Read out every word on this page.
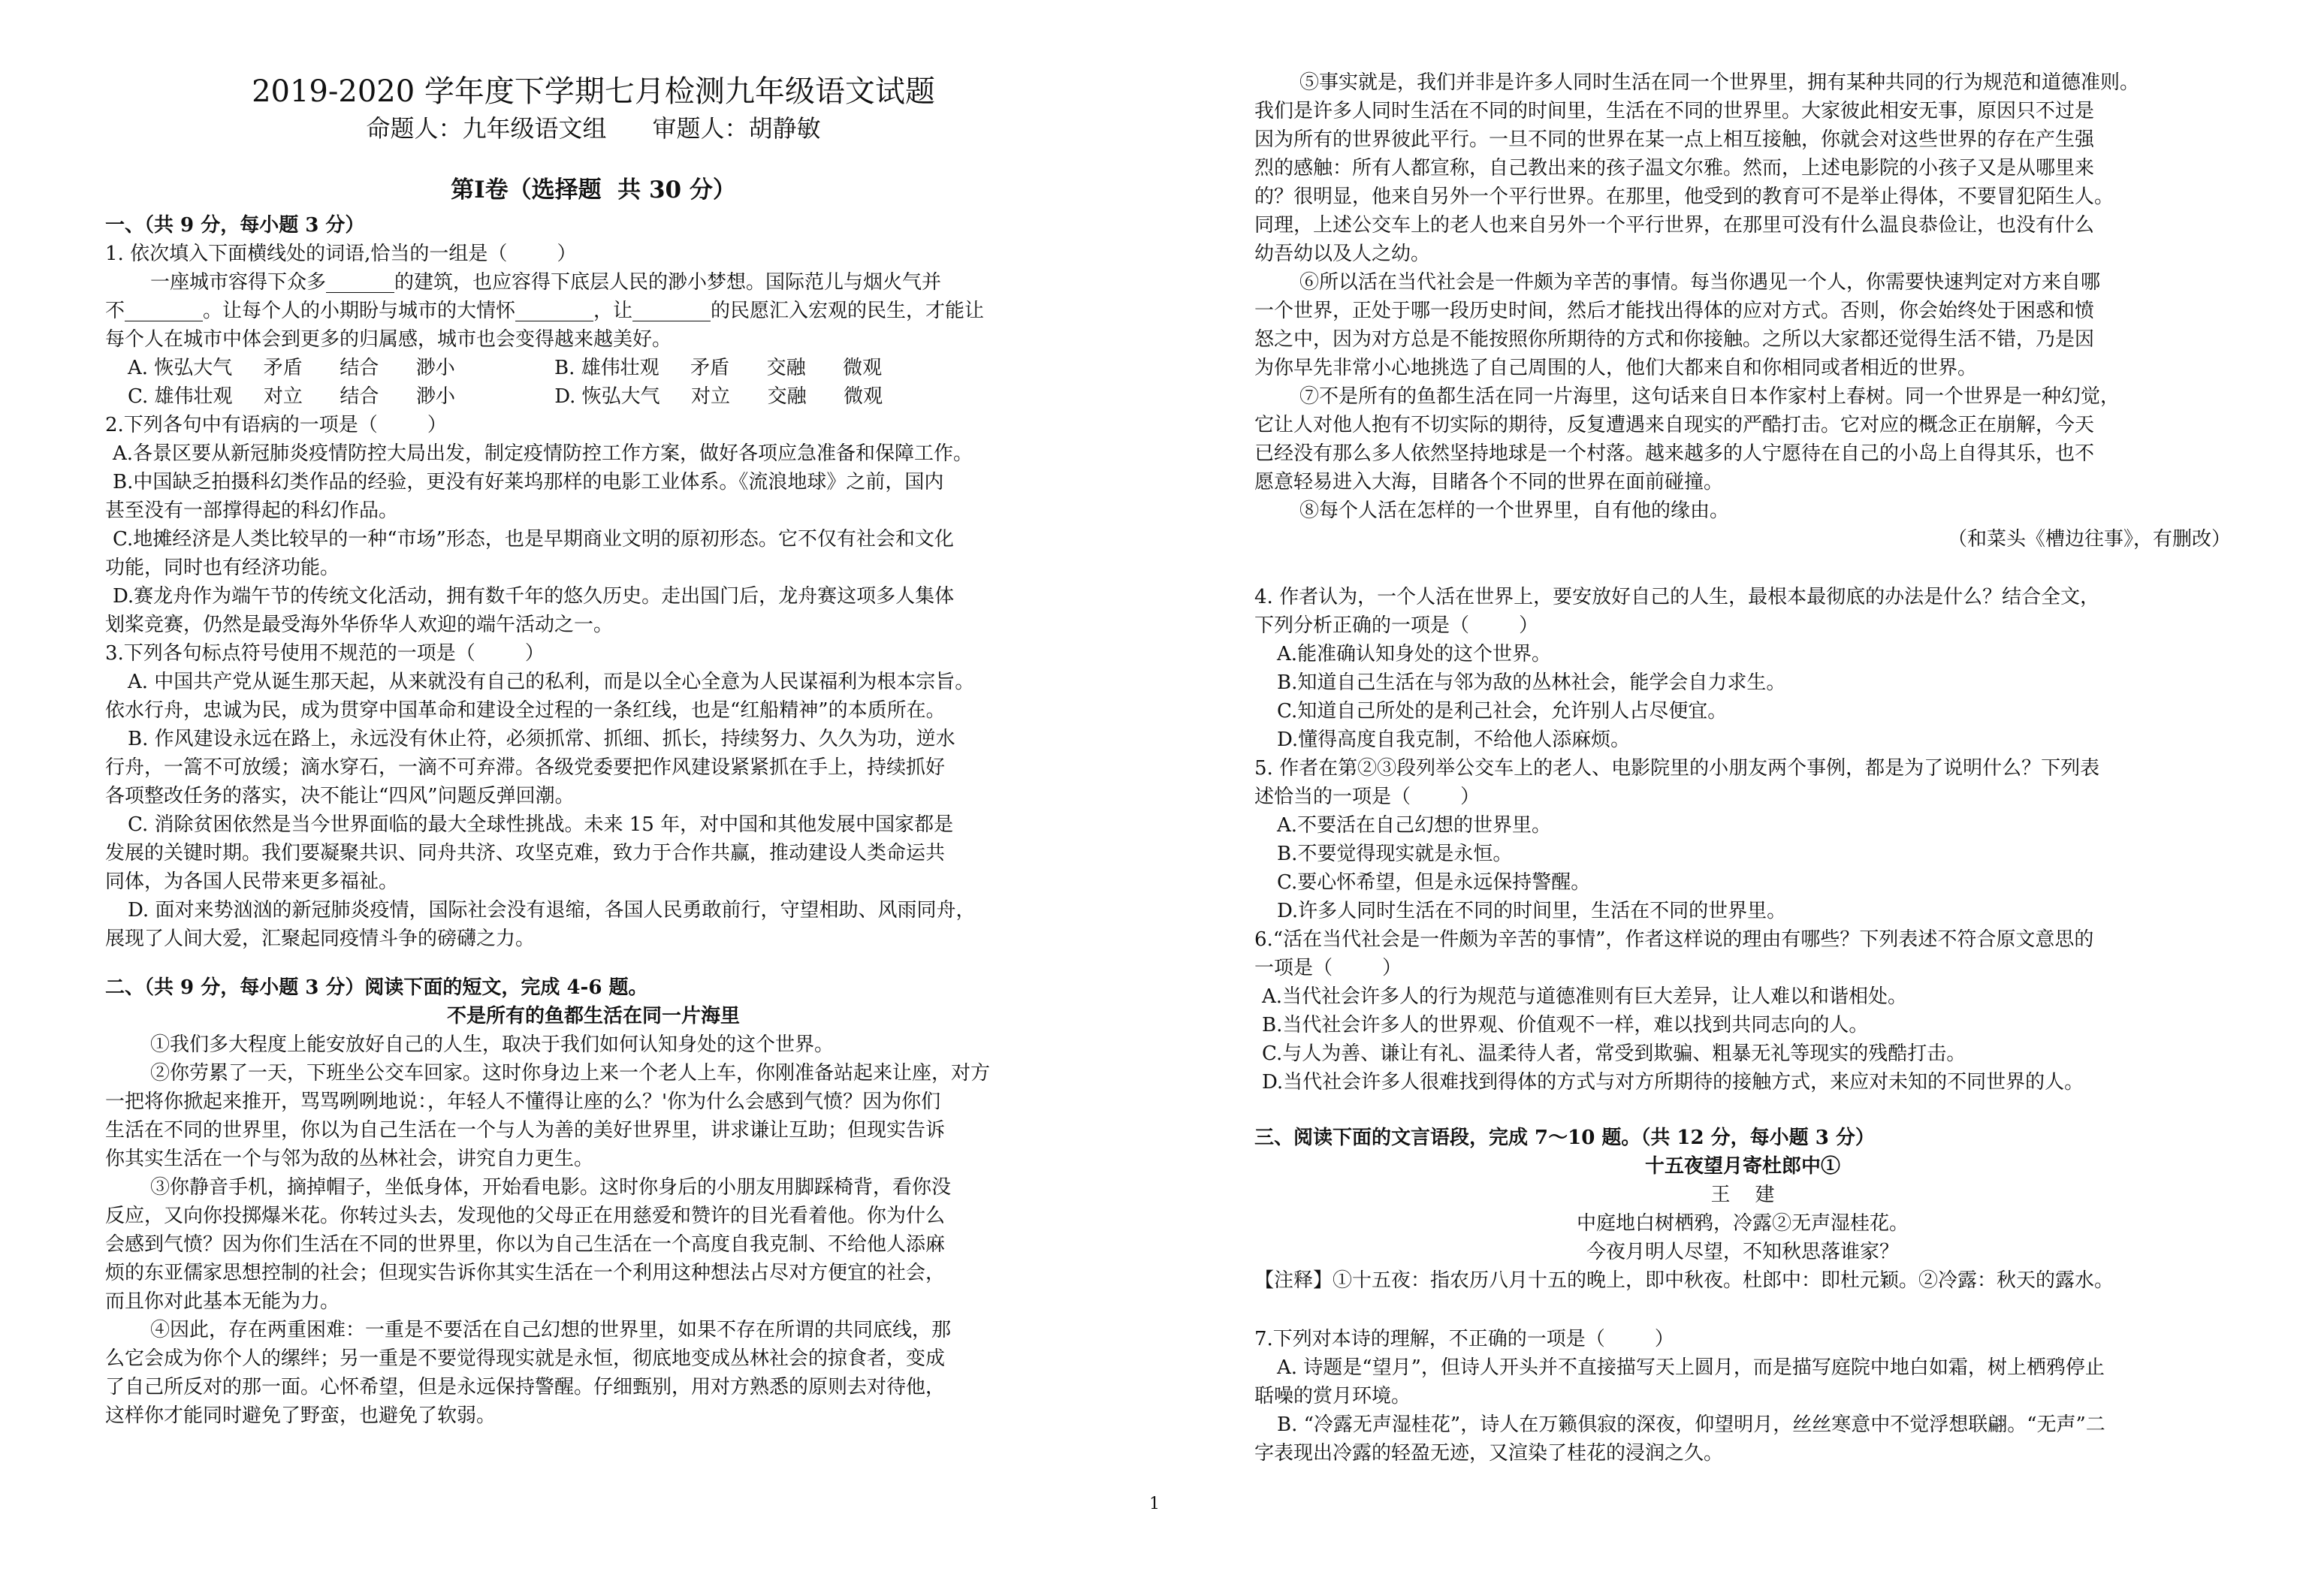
2019-2020 学年度下学期七月检测九年级语文试题
命题人：九年级语文组      审题人：胡静敏
第Ⅰ卷（选择题  共 30 分）
一、（共 9 分，每小题 3 分）
1. 依次填入下面横线处的词语,恰当的一组是（        ）
一座城市容得下众多_______的建筑，也应容得下底层人民的渺小梦想。国际范儿与烟火气并
不________。让每个人的小期盼与城市的大情怀________，让________的民愿汇入宏观的民生，才能让
每个人在城市中体会到更多的归属感，城市也会变得越来越美好。
A. 恢弘大气     矛盾      结合      渺小                B. 雄伟壮观     矛盾      交融      微观
C. 雄伟壮观     对立      结合      渺小                D. 恢弘大气     对立      交融      微观
2.下列各句中有语病的一项是（        ）
A.各景区要从新冠肺炎疫情防控大局出发，制定疫情防控工作方案，做好各项应急准备和保障工作。
B.中国缺乏拍摄科幻类作品的经验，更没有好莱坞那样的电影工业体系。《流浪地球》之前，国内
甚至没有一部撑得起的科幻作品。
C.地摊经济是人类比较早的一种“市场”形态，也是早期商业文明的原初形态。它不仅有社会和文化
功能，同时也有经济功能。
D.赛龙舟作为端午节的传统文化活动，拥有数千年的悠久历史。走出国门后，龙舟赛这项多人集体
划桨竞赛，仍然是最受海外华侨华人欢迎的端午活动之一。
3.下列各句标点符号使用不规范的一项是（        ）
A. 中国共产党从诞生那天起，从来就没有自己的私利，而是以全心全意为人民谋福利为根本宗旨。
依水行舟，忠诚为民，成为贯穿中国革命和建设全过程的一条红线，也是“红船精神”的本质所在。
B. 作风建设永远在路上，永远没有休止符，必须抓常、抓细、抓长，持续努力、久久为功，逆水
行舟，一篙不可放缓；滴水穿石，一滴不可弃滞。各级党委要把作风建设紧紧抓在手上，持续抓好
各项整改任务的落实，决不能让“四风”问题反弹回潮。
C. 消除贫困依然是当今世界面临的最大全球性挑战。未来 15 年，对中国和其他发展中国家都是
发展的关键时期。我们要凝聚共识、同舟共济、攻坚克难，致力于合作共赢，推动建设人类命运共
同体，为各国人民带来更多福祉。
D. 面对来势汹汹的新冠肺炎疫情，国际社会没有退缩，各国人民勇敢前行，守望相助、风雨同舟，
展现了人间大爱，汇聚起同疫情斗争的磅礴之力。
二、（共 9 分，每小题 3 分）阅读下面的短文，完成 4-6 题。
不是所有的鱼都生活在同一片海里
①我们多大程度上能安放好自己的人生，取决于我们如何认知身处的这个世界。
②你劳累了一天，下班坐公交车回家。这时你身边上来一个老人上车，你刚准备站起来让座，对方
一把将你掀起来推开，骂骂咧咧地说：，年轻人不懂得让座的么？'你为什么会感到气愤？因为你们
生活在不同的世界里，你以为自己生活在一个与人为善的美好世界里，讲求谦让互助；但现实告诉
你其实生活在一个与邻为敌的丛林社会，讲究自力更生。
③你静音手机，摘掉帽子，坐低身体，开始看电影。这时你身后的小朋友用脚踩椅背，看你没
反应，又向你投掷爆米花。你转过头去，发现他的父母正在用慈爱和赞许的目光看着他。你为什么
会感到气愤？因为你们生活在不同的世界里，你以为自己生活在一个高度自我克制、不给他人添麻
烦的东亚儒家思想控制的社会；但现实告诉你其实生活在一个利用这种想法占尽对方便宜的社会，
而且你对此基本无能为力。
④因此，存在两重困难：一重是不要活在自己幻想的世界里，如果不存在所谓的共同底线，那
么它会成为你个人的缧绊；另一重是不要觉得现实就是永恒，彻底地变成丛林社会的掠食者，变成
了自己所反对的那一面。心怀希望，但是永远保持警醒。仔细甄别，用对方熟悉的原则去对待他，
这样你才能同时避免了野蛮，也避免了软弱。
⑤事实就是，我们并非是许多人同时生活在同一个世界里，拥有某种共同的行为规范和道德准则。
我们是许多人同时生活在不同的时间里，生活在不同的世界里。大家彼此相安无事，原因只不过是
因为所有的世界彼此平行。一旦不同的世界在某一点上相互接触，你就会对这些世界的存在产生强
烈的感触：所有人都宣称，自己教出来的孩子温文尔雅。然而，上述电影院的小孩子又是从哪里来
的？很明显，他来自另外一个平行世界。在那里，他受到的教育可不是举止得体，不要冒犯陌生人。
同理，上述公交车上的老人也来自另外一个平行世界，在那里可没有什么温良恭俭让，也没有什么
幼吾幼以及人之幼。
⑥所以活在当代社会是一件颇为辛苦的事情。每当你遇见一个人，你需要快速判定对方来自哪
一个世界，正处于哪一段历史时间，然后才能找出得体的应对方式。否则，你会始终处于困惑和愤
怒之中，因为对方总是不能按照你所期待的方式和你接触。之所以大家都还觉得生活不错，乃是因
为你早先非常小心地挑选了自己周围的人，他们大都来自和你相同或者相近的世界。
⑦不是所有的鱼都生活在同一片海里，这句话来自日本作家村上春树。同一个世界是一种幻觉，
它让人对他人抱有不切实际的期待，反复遭遇来自现实的严酷打击。它对应的概念正在崩解，今天
已经没有那么多人依然坚持地球是一个村落。越来越多的人宁愿待在自己的小岛上自得其乐，也不
愿意轻易进入大海，目睹各个不同的世界在面前碰撞。
⑧每个人活在怎样的一个世界里，自有他的缘由。
（和菜头《槽边往事》，有删改）
4. 作者认为，一个人活在世界上，要安放好自己的人生，最根本最彻底的办法是什么？结合全文，
下列分析正确的一项是（        ）
A.能准确认知身处的这个世界。
B.知道自己生活在与邻为敌的丛林社会，能学会自力求生。
C.知道自己所处的是利己社会，允许别人占尽便宜。
D.懂得高度自我克制，不给他人添麻烦。
5. 作者在第②③段列举公交车上的老人、电影院里的小朋友两个事例，都是为了说明什么？下列表
述恰当的一项是（        ）
A.不要活在自己幻想的世界里。
B.不要觉得现实就是永恒。
C.要心怀希望，但是永远保持警醒。
D.许多人同时生活在不同的时间里，生活在不同的世界里。
6.“活在当代社会是一件颇为辛苦的事情”，作者这样说的理由有哪些？下列表述不符合原文意思的
一项是（        ）
A.当代社会许多人的行为规范与道德准则有巨大差异，让人难以和谐相处。
B.当代社会许多人的世界观、价值观不一样，难以找到共同志向的人。
C.与人为善、谦让有礼、温柔待人者，常受到欺骗、粗暴无礼等现实的残酷打击。
D.当代社会许多人很难找到得体的方式与对方所期待的接触方式，来应对未知的不同世界的人。
三、阅读下面的文言语段，完成 7～10 题。（共 12 分，每小题 3 分）
十五夜望月寄杜郎中①
王    建
中庭地白树栖鸦，冷露②无声湿桂花。
今夜月明人尽望，不知秋思落谁家？
【注释】①十五夜：指农历八月十五的晚上，即中秋夜。杜郎中：即杜元颖。②冷露：秋天的露水。
7.下列对本诗的理解，不正确的一项是（        ）
A. 诗题是“望月”，但诗人开头并不直接描写天上圆月，而是描写庭院中地白如霜，树上栖鸦停止
聒噪的赏月环境。
B. “冷露无声湿桂花”，诗人在万籁俱寂的深夜，仰望明月，丝丝寒意中不觉浮想联翩。“无声”二
字表现出冷露的轻盈无迹，又渲染了桂花的浸润之久。
1
